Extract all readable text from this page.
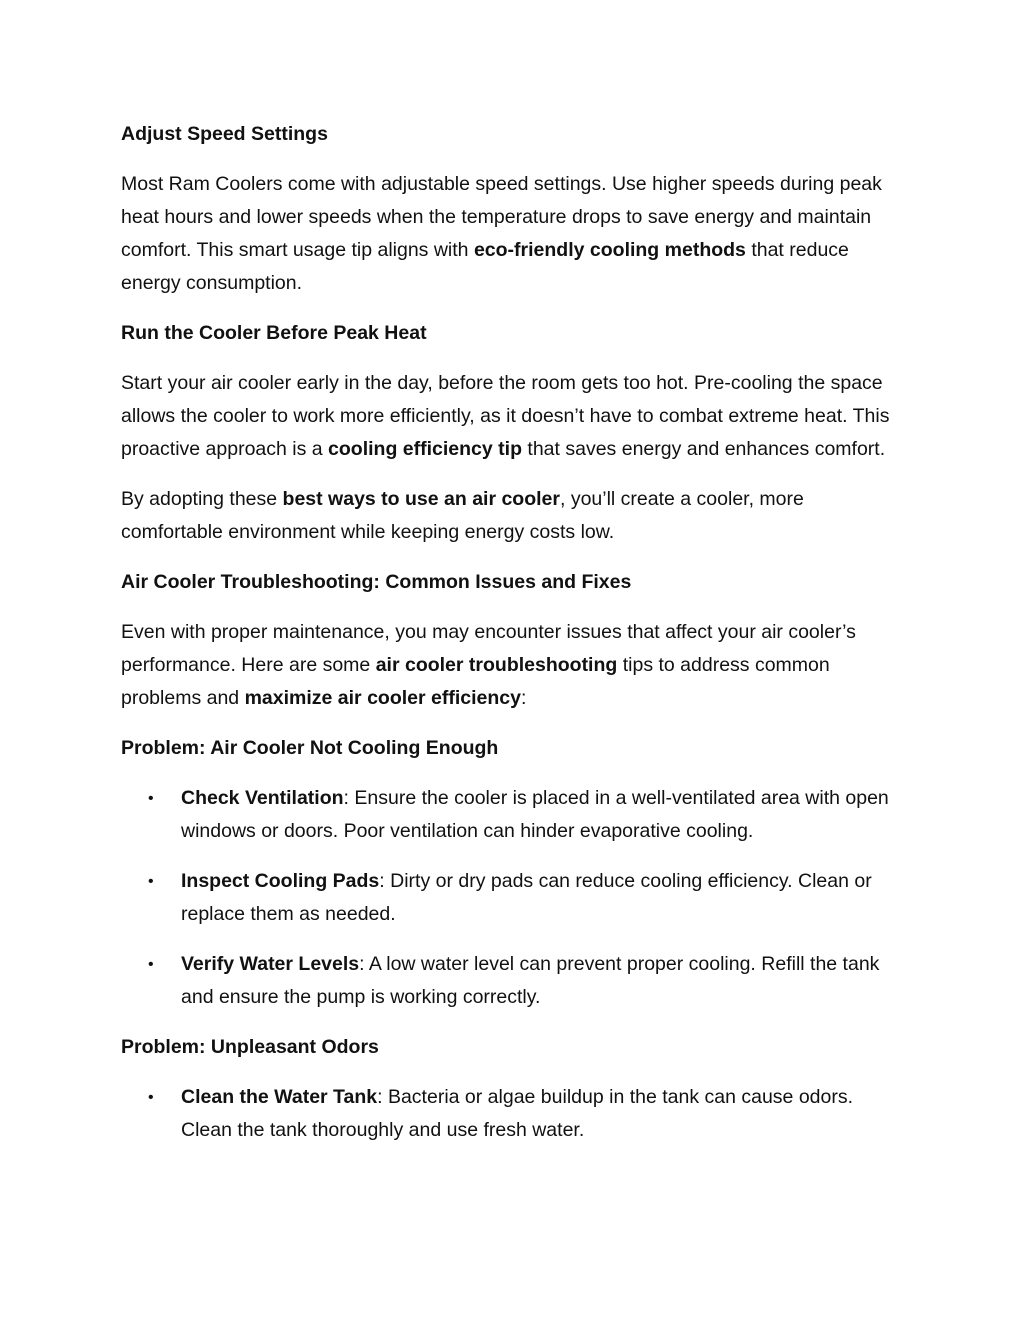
Adjust Speed Settings

Most Ram Coolers come with adjustable speed settings. Use higher speeds during peak heat hours and lower speeds when the temperature drops to save energy and maintain comfort. This smart usage tip aligns with eco-friendly cooling methods that reduce energy consumption.

Run the Cooler Before Peak Heat

Start your air cooler early in the day, before the room gets too hot. Pre-cooling the space allows the cooler to work more efficiently, as it doesn’t have to combat extreme heat. This proactive approach is a cooling efficiency tip that saves energy and enhances comfort.

By adopting these best ways to use an air cooler, you’ll create a cooler, more comfortable environment while keeping energy costs low.

Air Cooler Troubleshooting: Common Issues and Fixes

Even with proper maintenance, you may encounter issues that affect your air cooler’s performance. Here are some air cooler troubleshooting tips to address common problems and maximize air cooler efficiency:

Problem: Air Cooler Not Cooling Enough
•	Check Ventilation: Ensure the cooler is placed in a well-ventilated area with open windows or doors. Poor ventilation can hinder evaporative cooling.
•	Inspect Cooling Pads: Dirty or dry pads can reduce cooling efficiency. Clean or replace them as needed.
•	Verify Water Levels: A low water level can prevent proper cooling. Refill the tank and ensure the pump is working correctly.
Problem: Unpleasant Odors
•	Clean the Water Tank: Bacteria or algae buildup in the tank can cause odors. Clean the tank thoroughly and use fresh water.
